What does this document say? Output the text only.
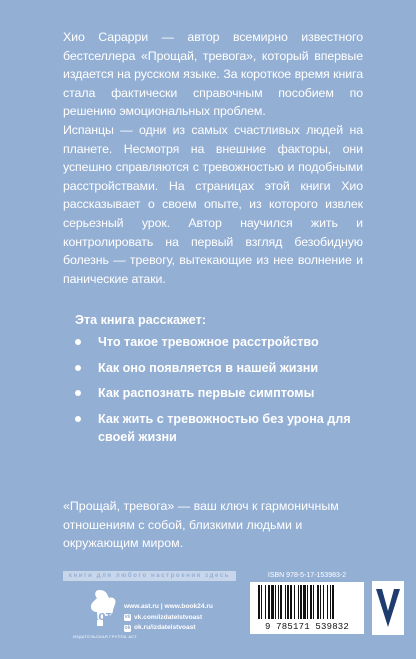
Хио Сарарри — автор всемирно известного бестселлера «Прощай, тревога», который впервые издается на русском языке. За короткое время книга стала фактически справочным пособием по решению эмоциональных проблем.

Испанцы — одни из самых счастливых людей на планете. Несмотря на внешние факторы, они успешно справляются с тревожностью и подобными расстройствами. На страницах этой книги Хио рассказывает о своем опыте, из которого извлек серьезный урок. Автор научился жить и контролировать на первый взгляд безобидную болезнь — тревогу, вытекающие из нее волнение и панические атаки.

Эта книга расскажет:

Что такое тревожное расстройство
Как оно появляется в нашей жизни
Как распознать первые симптомы
Как жить с тревожностью без урона для своей жизни

«Прощай, тревога» — ваш ключ к гармоничным отношениям с собой, близкими людьми и окружающим миром.

книги для любого настроения здесь
аст
ИЗДАТЕЛЬСКАЯ ГРУППА АСТ
www.ast.ru | www.book24.ru
vk vk.com/izdatelstvoast
ok ok.ru/izdatelstvoast
ISBN 978-5-17-153983-2
9 785171 539832
